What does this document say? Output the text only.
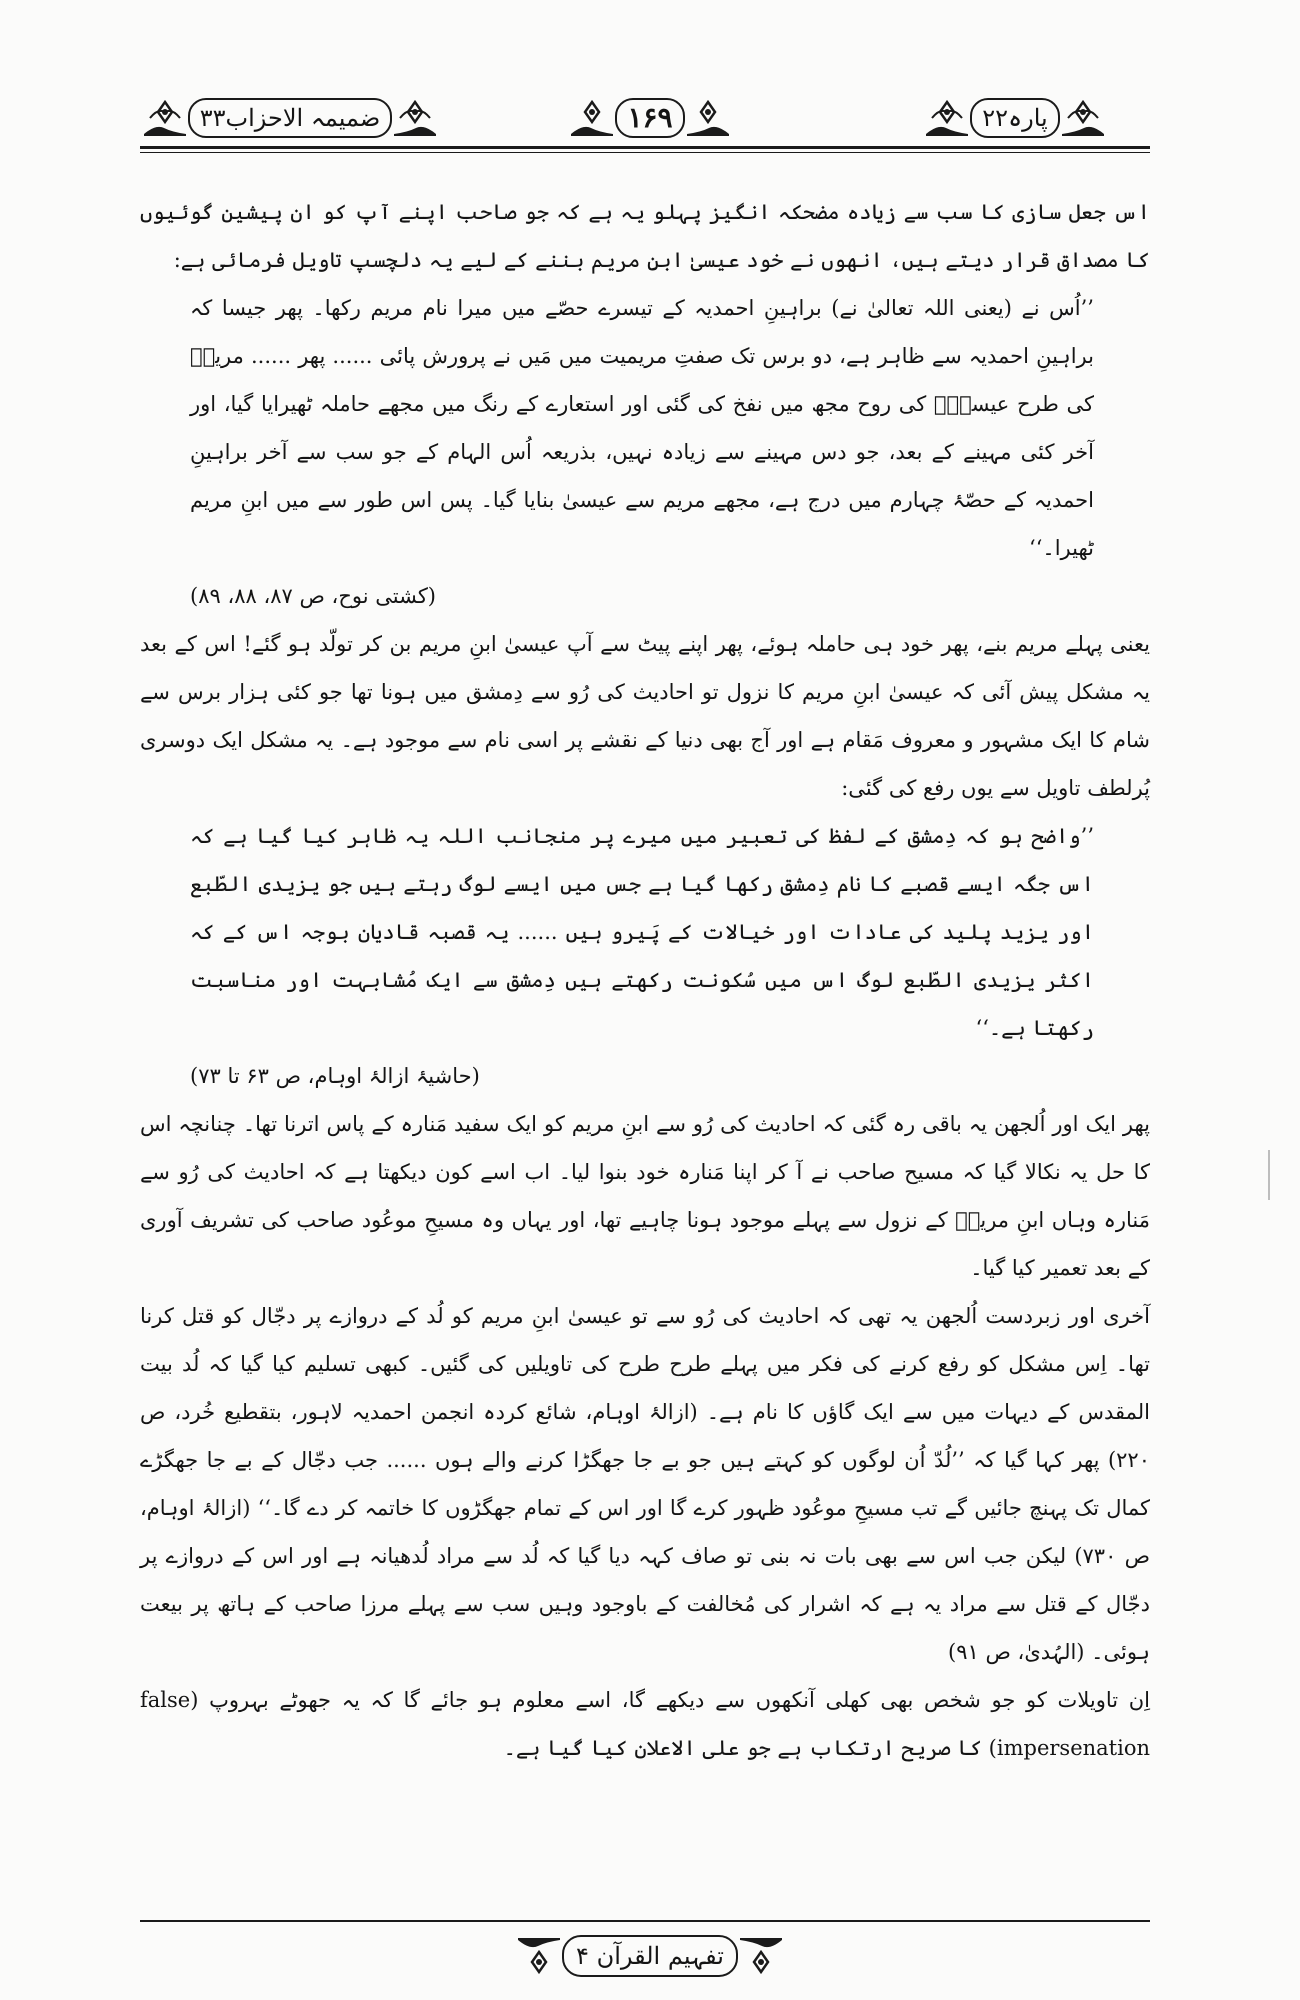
ضمیمہ الاحزاب۳۳	۱۶۹	پارہ۲۲

اس جعل سازی کا سب سے زیادہ مضحکہ انگیز پہلو یہ ہے کہ جو صاحب اپنے آپ کو ان پیشین گوئیوں کا مصداق قرار دیتے ہیں، انھوں نے خود عیسیٰ ابنِ مریم بننے کے لیے یہ دلچسپ تاویل فرمائی ہے:

’’اُس نے (یعنی اللہ تعالیٰ نے) براہینِ احمدیہ کے تیسرے حصّے میں میرا نام مریم رکھا۔ پھر جیسا کہ براہینِ احمدیہ سے ظاہر ہے، دو برس تک صفتِ مریمیت میں مَیں نے پرورش پائی ...... پھر ...... مریمؑ کی طرح عیسیٰؑ کی روح مجھ میں نفخ کی گئی اور استعارے کے رنگ میں مجھے حاملہ ٹھیرایا گیا، اور آخر کئی مہینے کے بعد، جو دس مہینے سے زیادہ نہیں، بذریعہ اُس الہام کے جو سب سے آخر براہینِ احمدیہ کے حصّۂ چہارم میں درج ہے، مجھے مریم سے عیسیٰ بنایا گیا۔ پس اس طور سے میں ابنِ مریم ٹھیرا۔‘‘
(کشتی نوح، ص ۸۷، ۸۸، ۸۹)

یعنی پہلے مریم بنے، پھر خود ہی حاملہ ہوئے، پھر اپنے پیٹ سے آپ عیسیٰ ابنِ مریم بن کر تولّد ہو گئے! اس کے بعد یہ مشکل پیش آئی کہ عیسیٰ ابنِ مریم کا نزول تو احادیث کی رُو سے دِمشق میں ہونا تھا جو کئی ہزار برس سے شام کا ایک مشہور و معروف مَقام ہے اور آج بھی دنیا کے نقشے پر اسی نام سے موجود ہے۔ یہ مشکل ایک دوسری پُرلطف تاویل سے یوں رفع کی گئی:

’’واضح ہو کہ دِمشق کے لفظ کی تعبیر میں میرے پر منجانب اللہ یہ ظاہر کیا گیا ہے کہ اس جگہ ایسے قصبے کا نام دِمشق رکھا گیا ہے جس میں ایسے لوگ رہتے ہیں جو یزیدی الطّبع اور یزید پلید کی عادات اور خیالات کے پَیرو ہیں ...... یہ قصبہ قادیان بوجہ اس کے کہ اکثر یزیدی الطّبع لوگ اس میں سُکونت رکھتے ہیں دِمشق سے ایک مُشابہت اور مناسبت رکھتا ہے۔‘‘
(حاشیۂ ازالۂ اوہام، ص ۶۳ تا ۷۳)

پھر ایک اور اُلجھن یہ باقی رہ گئی کہ احادیث کی رُو سے ابنِ مریم کو ایک سفید مَنارہ کے پاس اترنا تھا۔ چنانچہ اس کا حل یہ نکالا گیا کہ مسیح صاحب نے آ کر اپنا مَنارہ خود بنوا لیا۔ اب اسے کون دیکھتا ہے کہ احادیث کی رُو سے مَنارہ وہاں ابنِ مریمؑ کے نزول سے پہلے موجود ہونا چاہیے تھا، اور یہاں وہ مسیحِ موعُود صاحب کی تشریف آوری کے بعد تعمیر کیا گیا۔

آخری اور زبردست اُلجھن یہ تھی کہ احادیث کی رُو سے تو عیسیٰ ابنِ مریم کو لُد کے دروازے پر دجّال کو قتل کرنا تھا۔ اِس مشکل کو رفع کرنے کی فکر میں پہلے طرح طرح کی تاویلیں کی گئیں۔ کبھی تسلیم کیا گیا کہ لُد بیت المقدس کے دیہات میں سے ایک گاؤں کا نام ہے۔ (ازالۂ اوہام، شائع کردہ انجمن احمدیہ لاہور، بتقطیع خُرد، ص ۲۲۰) پھر کہا گیا کہ ’’لُدّ اُن لوگوں کو کہتے ہیں جو بے جا جھگڑا کرنے والے ہوں ...... جب دجّال کے بے جا جھگڑے کمال تک پہنچ جائیں گے تب مسیحِ موعُود ظہور کرے گا اور اس کے تمام جھگڑوں کا خاتمہ کر دے گا۔‘‘ (ازالۂ اوہام، ص ۷۳۰) لیکن جب اس سے بھی بات نہ بنی تو صاف کہہ دیا گیا کہ لُد سے مراد لُدھیانہ ہے اور اس کے دروازے پر دجّال کے قتل سے مراد یہ ہے کہ اشرار کی مُخالفت کے باوجود وہیں سب سے پہلے مرزا صاحب کے ہاتھ پر بیعت ہوئی۔ (الہُدیٰ، ص ۹۱)

اِن تاویلات کو جو شخص بھی کھلی آنکھوں سے دیکھے گا، اسے معلوم ہو جائے گا کہ یہ جھوٹے بہروپ (false impersenation) کا صریح ارتکاب ہے جو علی الاعلان کیا گیا ہے۔

تفہیم القرآن ۴
